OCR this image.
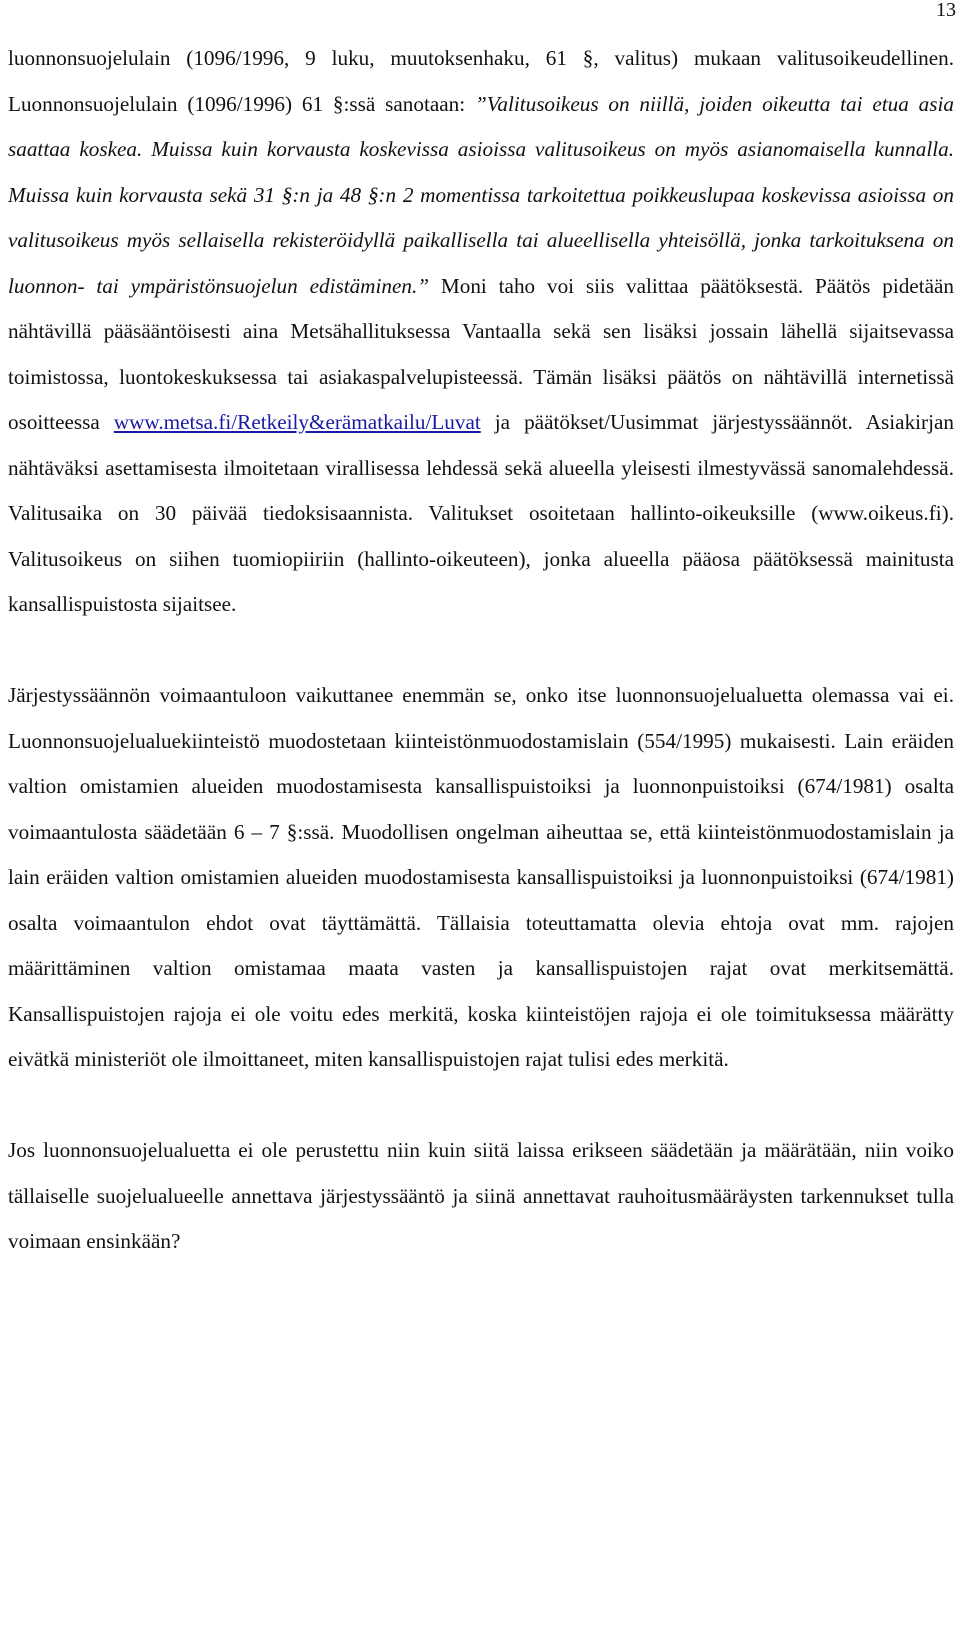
13

luonnonsuojelulain (1096/1996, 9 luku, muutoksenhaku, 61 §, valitus) mukaan valitusoikeudellinen. Luonnonsuojelulain (1096/1996) 61 §:ssä sanotaan: ”Valitusoikeus on niillä, joiden oikeutta tai etua asia saattaa koskea. Muissa kuin korvausta koskevissa asioissa valitusoikeus on myös asianomaisella kunnalla. Muissa kuin korvausta sekä 31 §:n ja 48 §:n 2 momentissa tarkoitettua poikkeuslupaa koskevissa asioissa on valitusoikeus myös sellaisella rekisteröidyllä paikallisella tai alueellisella yhteisöllä, jonka tarkoituksena on luonnon- tai ympäristönsuojelun edistäminen.” Moni taho voi siis valittaa päätöksestä. Päätös pidetään nähtävillä pääsääntöisesti aina Metsähallituksessa Vantaalla sekä sen lisäksi jossain lähellä sijaitsevassa toimistossa, luontokeskuksessa tai asiakaspalvelupisteessä. Tämän lisäksi päätös on nähtävillä internetissä osoitteessa www.metsa.fi/Retkeily&erämatkailu/Luvat ja päätökset/Uusimmat järjestyssäännöt. Asiakirjan nähtäväksi asettamisesta ilmoitetaan virallisessa lehdessä sekä alueella yleisesti ilmestyvässä sanomalehdessä. Valitusaika on 30 päivää tiedoksisaannista. Valitukset osoitetaan hallinto-oikeuksille (www.oikeus.fi). Valitusoikeus on siihen tuomiopiiriin (hallinto-oikeuteen), jonka alueella pääosa päätöksessä mainitusta kansallispuistosta sijaitsee.

Järjestyssäännön voimaantuloon vaikuttanee enemmän se, onko itse luonnonsuojelualuetta olemassa vai ei. Luonnonsuojelualuekiinteistö muodostetaan kiinteistönmuodostamislain (554/1995) mukaisesti. Lain eräiden valtion omistamien alueiden muodostamisesta kansallispuistoiksi ja luonnonpuistoiksi (674/1981) osalta voimaantulosta säädetään 6 – 7 §:ssä. Muodollisen ongelman aiheuttaa se, että kiinteistönmuodostamislain ja lain eräiden valtion omistamien alueiden muodostamisesta kansallispuistoiksi ja luonnonpuistoiksi (674/1981) osalta voimaantulon ehdot ovat täyttämättä. Tällaisia toteuttamatta olevia ehtoja ovat mm. rajojen määrittäminen valtion omistamaa maata vasten ja kansallispuistojen rajat ovat merkitsemättä. Kansallispuistojen rajoja ei ole voitu edes merkitä, koska kiinteistöjen rajoja ei ole toimituksessa määrätty eivätkä ministeriöt ole ilmoittaneet, miten kansallispuistojen rajat tulisi edes merkitä.

Jos luonnonsuojelualuetta ei ole perustettu niin kuin siitä laissa erikseen säädetään ja määrätään, niin voiko tällaiselle suojelualueelle annettava järjestyssääntö ja siinä annettavat rauhoitusmääräysten tarkennukset tulla voimaan ensinkään?
